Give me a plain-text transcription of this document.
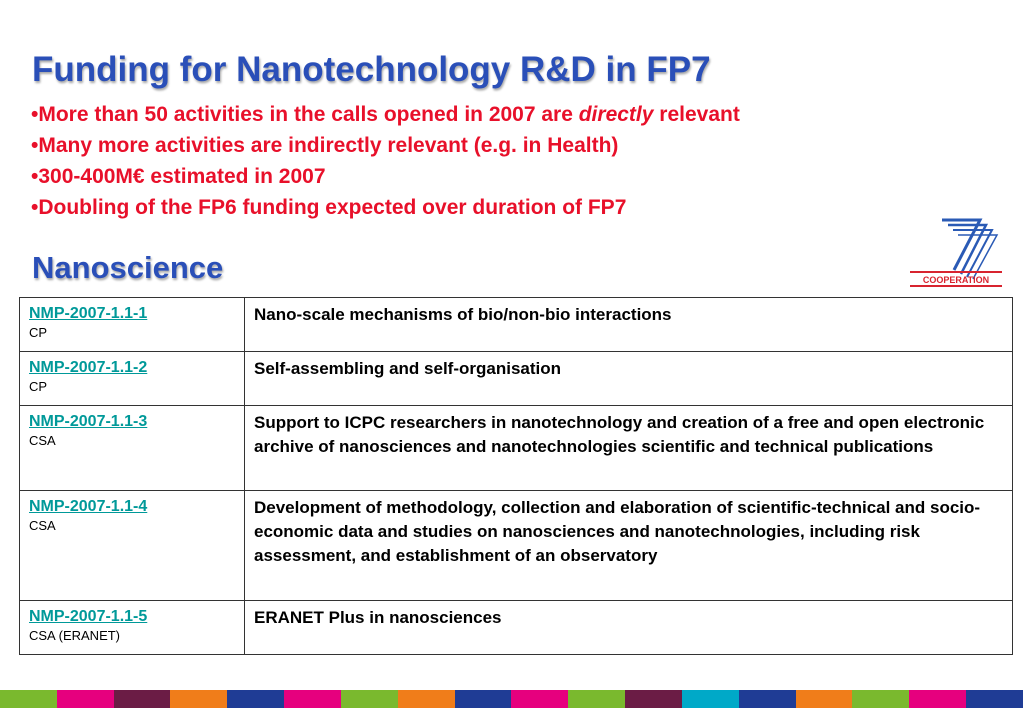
Funding for Nanotechnology R&D in FP7
• More than 50 activities in the calls opened in 2007 are directly relevant
• Many more activities are indirectly relevant (e.g. in Health)
• 300-400M€ estimated in 2007
• Doubling of the FP6 funding expected over duration of FP7
Nanoscience	COOPERATION
NMP-2007-1.1-1
CP	Nano-scale mechanisms of bio/non-bio interactions
NMP-2007-1.1-2
CP	Self-assembling and self-organisation
NMP-2007-1.1-3
CSA	Support to ICPC researchers in nanotechnology and creation of a free and open electronic archive of nanosciences and nanotechnologies scientific and technical publications
NMP-2007-1.1-4
CSA	Development of methodology, collection and elaboration of scientific-technical and socio-economic data and studies on nanosciences and nanotechnologies, including risk assessment, and establishment of an observatory
NMP-2007-1.1-5
CSA (ERANET)	ERANET Plus in nanosciences
